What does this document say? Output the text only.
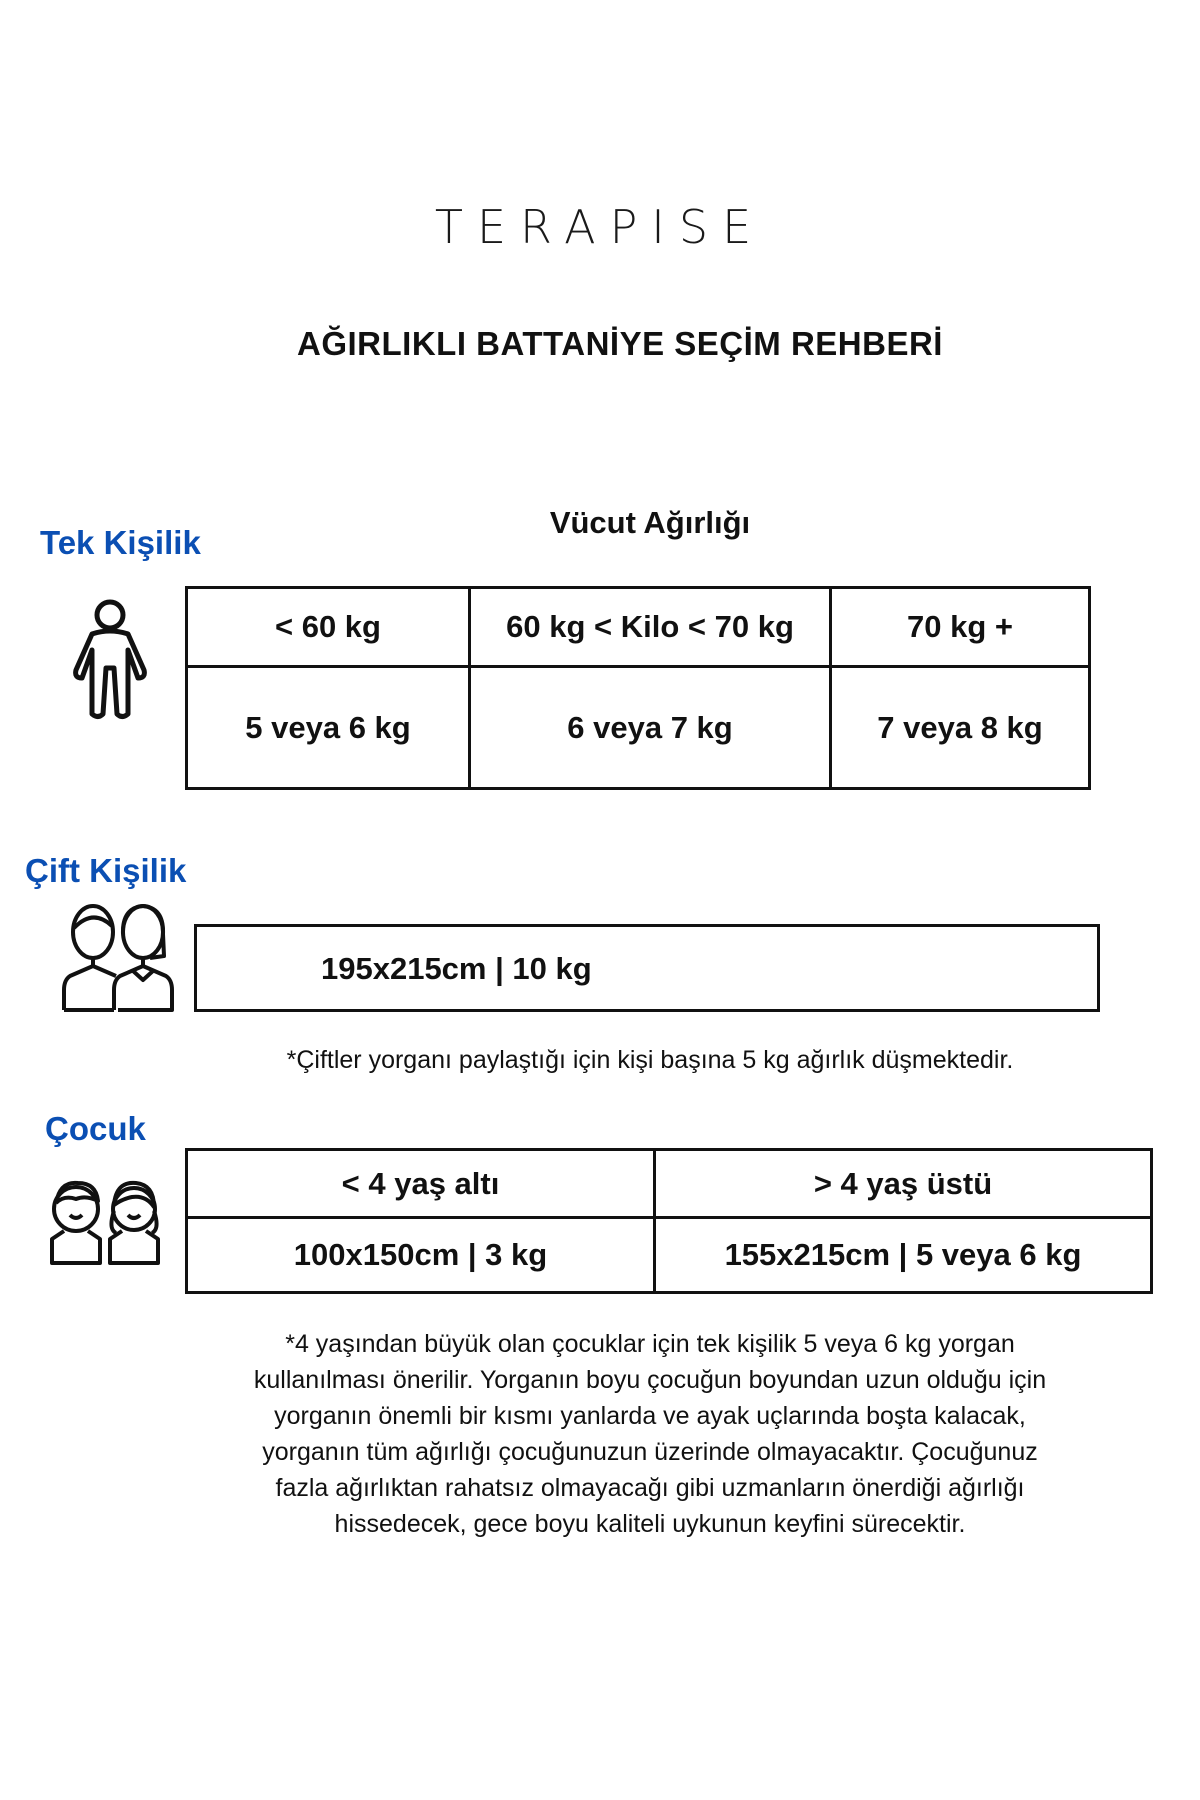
TERAPISE
AĞIRLIKLI BATTANİYE SEÇİM REHBERİ
Tek Kişilik
Vücut Ağırlığı
< 60 kg	60 kg < Kilo < 70 kg	70 kg +
5 veya 6 kg	6 veya 7 kg	7 veya 8 kg
Çift Kişilik
195x215cm | 10 kg
*Çiftler yorganı paylaştığı için kişi başına 5 kg ağırlık düşmektedir.
Çocuk
< 4 yaş altı	> 4 yaş üstü
100x150cm | 3 kg	155x215cm | 5 veya 6 kg
*4 yaşından büyük olan çocuklar için tek kişilik 5 veya 6 kg yorgan
kullanılması önerilir. Yorganın boyu çocuğun boyundan uzun olduğu için
yorganın önemli bir kısmı yanlarda ve ayak uçlarında boşta kalacak,
yorganın tüm ağırlığı çocuğunuzun üzerinde olmayacaktır. Çocuğunuz
fazla ağırlıktan rahatsız olmayacağı gibi uzmanların önerdiği ağırlığı
hissedecek, gece boyu kaliteli uykunun keyfini sürecektir.
